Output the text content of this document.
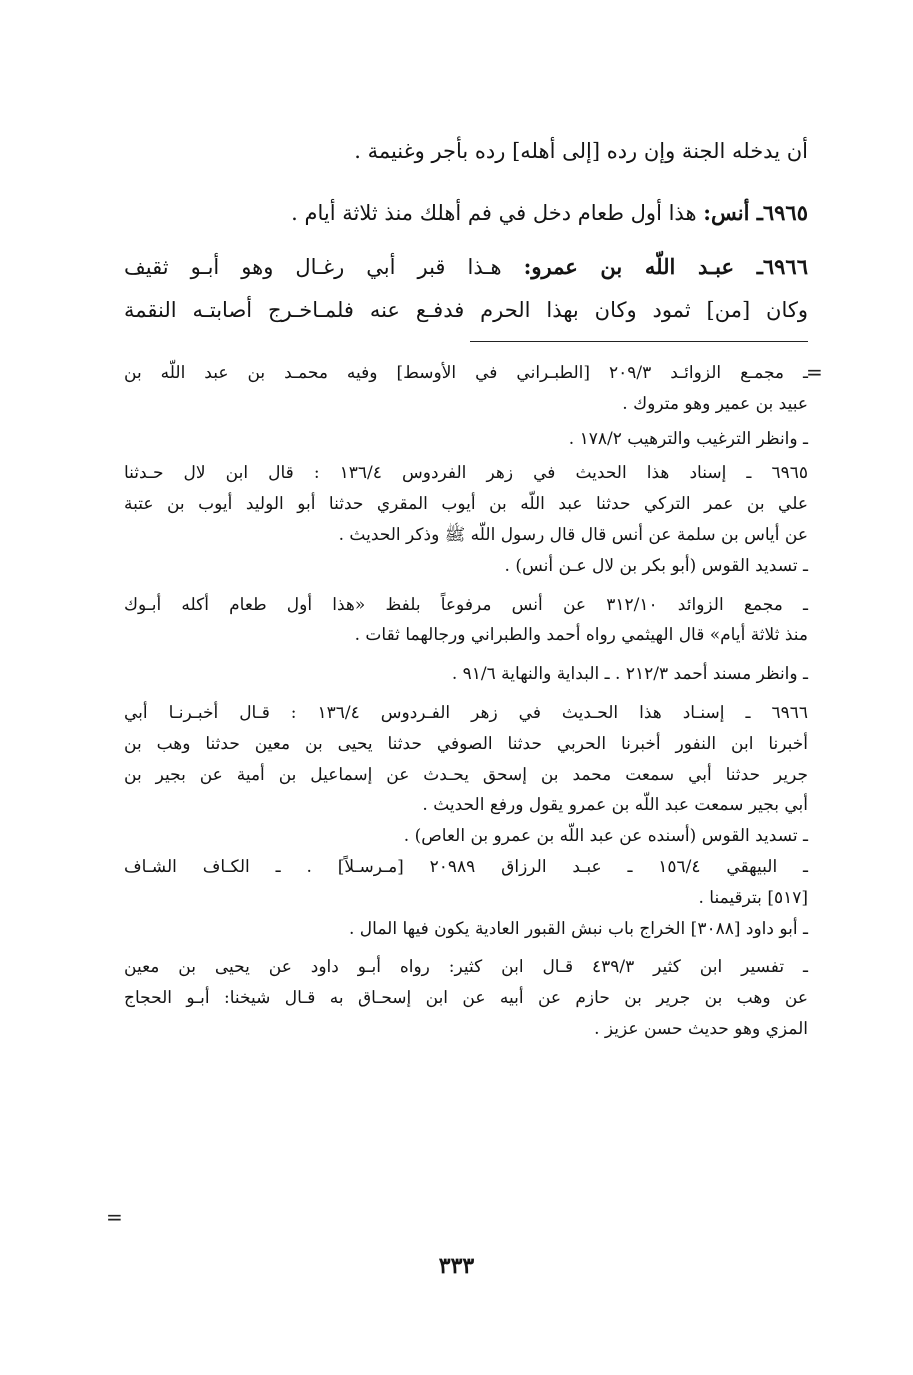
أن يدخله الجنة وإن رده [إلى أهله] رده بأجر وغنيمة .
٦٩٦٥ـ أنس: هذا أول طعام دخل في فم أهلك منذ ثلاثة أيام .
٦٩٦٦ـ عبـد اللّه بن عمرو: هـذا قبر أبي رغـال وهو أبـو ثقيف
وكان [من] ثمود وكان بهذا الحرم فدفـع عنه فلمـاخـرج أصابتـه النقمة
=
=
ـ مجمـع الزوائـد ٢٠٩/٣ [الطبـراني في الأوسط] وفيه محمـد بن عبد اللّه بن
عبيد بن عمير وهو متروك .
ـ وانظر الترغيب والترهيب ١٧٨/٢ .
٦٩٦٥ ـ إسناد هذا الحديث في زهر الفردوس ١٣٦/٤ : قال ابن لال حـدثنا
علي بن عمر التركي حدثنا عبد اللّه بن أيوب المقري حدثنا أبو الوليد أيوب بن عتبة
عن أياس بن سلمة عن أنس قال قال رسول اللّه ﷺ وذكر الحديث .
ـ تسديد القوس (أبو بكر بن لال عـن أنس) .
ـ مجمع الزوائد ٣١٢/١٠ عن أنس مرفوعاً بلفظ «هذا أول طعام أكله أبـوك
منذ ثلاثة أيام» قال الهيثمي رواه أحمد والطبراني ورجالهما ثقات .
ـ وانظر مسند أحمد ٢١٢/٣ . ـ البداية والنهاية ٩١/٦ .
٦٩٦٦ ـ إسنـاد هذا الحـديث في زهر الفـردوس ١٣٦/٤ : قـال أخبـرنـا أبي
أخبرنا ابن النفور أخبرنا الحربي حدثنا الصوفي حدثنا يحيى بن معين حدثنا وهب بن
جرير حدثنا أبي سمعت محمد بن إسحق يحـدث عن إسماعيل بن أمية عن بجير بن
أبي بجير سمعت عبد اللّه بن عمرو يقول ورفع الحديث .
ـ تسديد القوس (أسنده عن عبد اللّه بن عمرو بن العاص) .
ـ البيهقي ١٥٦/٤ ـ عبـد الرزاق ٢٠٩٨٩ [مـرسـلاً] . ـ الكـاف الشـاف
[٥١٧] بترقيمنا .
ـ أبو داود [٣٠٨٨] الخراج باب نبش القبور العادية يكون فيها المال .
ـ تفسير ابن كثير ٤٣٩/٣ قـال ابن كثير: رواه أبـو داود عن يحيى بن معين
عن وهب بن جرير بن حازم عن أبيه عن ابن إسحـاق به قـال شيخنا: أبـو الحجاج
المزي وهو حديث حسن عزيز .
٣٣٣
